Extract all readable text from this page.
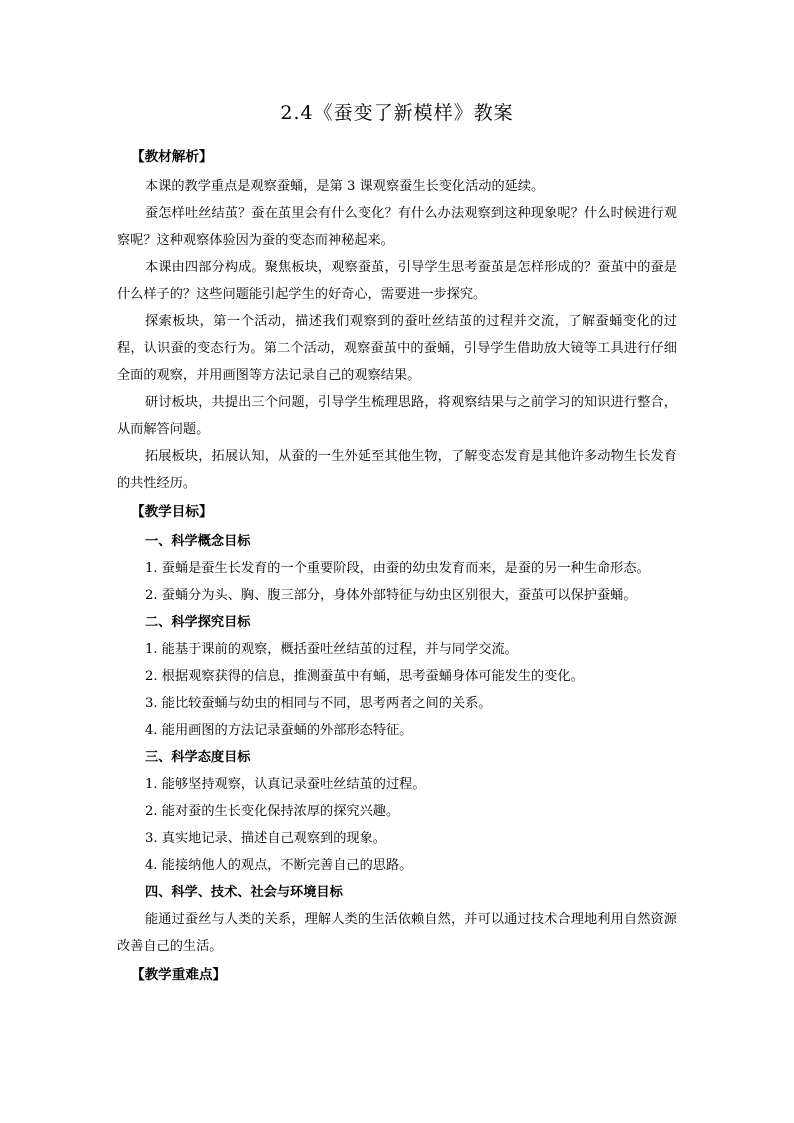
2.4《蚕变了新模样》教案
【教材解析】

本课的教学重点是观察蚕蛹，是第 3 课观察蚕生长变化活动的延续。

蚕怎样吐丝结茧？蚕在茧里会有什么变化？有什么办法观察到这种现象呢？什么时候进行观察呢？这种观察体验因为蚕的变态而神秘起来。

本课由四部分构成。聚焦板块，观察蚕茧，引导学生思考蚕茧是怎样形成的？蚕茧中的蚕是什么样子的？这些问题能引起学生的好奇心，需要进一步探究。

探索板块，第一个活动，描述我们观察到的蚕吐丝结茧的过程并交流，了解蚕蛹变化的过程，认识蚕的变态行为。第二个活动，观察蚕茧中的蚕蛹，引导学生借助放大镜等工具进行仔细全面的观察，并用画图等方法记录自己的观察结果。

研讨板块，共提出三个问题，引导学生梳理思路，将观察结果与之前学习的知识进行整合，从而解答问题。

拓展板块，拓展认知，从蚕的一生外延至其他生物，了解变态发育是其他许多动物生长发育的共性经历。

【教学目标】
一、科学概念目标

1. 蚕蛹是蚕生长发育的一个重要阶段，由蚕的幼虫发育而来，是蚕的另一种生命形态。

2. 蚕蛹分为头、胸、腹三部分，身体外部特征与幼虫区别很大，蚕茧可以保护蚕蛹。

二、科学探究目标

1. 能基于课前的观察，概括蚕吐丝结茧的过程，并与同学交流。

2. 根据观察获得的信息，推测蚕茧中有蛹，思考蚕蛹身体可能发生的变化。

3. 能比较蚕蛹与幼虫的相同与不同，思考两者之间的关系。

4. 能用画图的方法记录蚕蛹的外部形态特征。

三、科学态度目标

1. 能够坚持观察，认真记录蚕吐丝结茧的过程。

2. 能对蚕的生长变化保持浓厚的探究兴趣。

3. 真实地记录、描述自己观察到的现象。

4. 能接纳他人的观点，不断完善自己的思路。

四、科学、技术、社会与环境目标

能通过蚕丝与人类的关系，理解人类的生活依赖自然，并可以通过技术合理地利用自然资源改善自己的生活。

【教学重难点】
